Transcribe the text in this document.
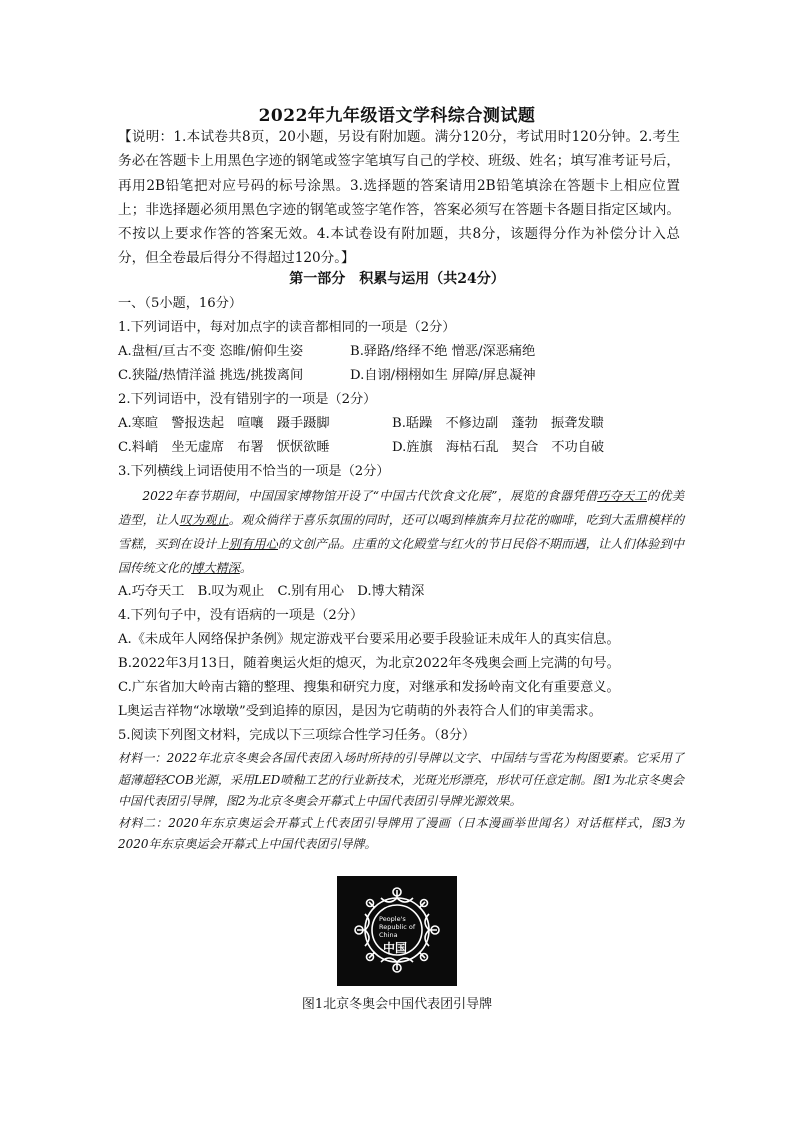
2022年九年级语文学科综合测试题
【说明：1.本试卷共8页，20小题，另设有附加题。满分120分，考试用时120分钟。2.考生务必在答题卡上用黑色字迹的钢笔或签字笔填写自己的学校、班级、姓名；填写准考证号后，再用2B铅笔把对应号码的标号涂黑。3.选择题的答案请用2B铅笔填涂在答题卡上相应位置上；非选择题必须用黑色字迹的钢笔或签字笔作答，答案必须写在答题卡各题目指定区域内。不按以上要求作答的答案无效。4.本试卷设有附加题，共8分，该题得分作为补偿分计入总分，但全卷最后得分不得超过120分。】
第一部分　积累与运用（共24分）
一、（5小题，16分）
1.下列词语中，每对加点字的读音都相同的一项是（2分）
A.盘桓/亘古不变 恣睢/俯仰生姿	B.驿路/络绎不绝 憎恶/深恶痛绝
C.狭隘/热情洋溢 挑选/挑拨离间	D.自诩/栩栩如生 屏障/屏息凝神
2.下列词语中，没有错别字的一项是（2分）
A.寒暄　警报迭起　喧嚷　蹑手蹑脚	B.聒躁　不修边副　蓬勃　振聋发聩
C.料峭　坐无虚席　布署　恹恹欲睡	D.旌旗　海枯石乱　契合　不功自破
3.下列横线上词语使用不恰当的一项是（2分）
2022年春节期间，中国国家博物馆开设了“中国古代饮食文化展”，展览的食器凭借巧夺天工的优美造型，让人叹为观止。观众徜徉于喜乐氛围的同时，还可以喝到棒旗奔月拉花的咖啡，吃到大盂鼎模样的雪糕，买到在设计上别有用心的文创产品。庄重的文化殿堂与红火的节日民俗不期而遇，让人们体验到中国传统文化的博大精深。
A.巧夺天工　B.叹为观止　C.别有用心　D.博大精深
4.下列句子中，没有语病的一项是（2分）
A.《未成年人网络保护条例》规定游戏平台要采用必要手段验证未成年人的真实信息。
B.2022年3月13日，随着奥运火炬的熄灭，为北京2022年冬残奥会画上完满的句号。
C.广东省加大岭南古籍的整理、搜集和研究力度，对继承和发扬岭南文化有重要意义。
L奥运吉祥物“冰墩墩”受到追捧的原因，是因为它萌萌的外表符合人们的审美需求。
5.阅读下列图文材料，完成以下三项综合性学习任务。（8分）
材料一：2022年北京冬奥会各国代表团入场时所持的引导牌以文字、中国结与雪花为构图要素。它采用了超薄超轻COB光源，采用LED喷釉工艺的行业新技术，光斑光形漂亮，形状可任意定制。图1为北京冬奥会中国代表团引导牌，图2为北京冬奥会开幕式上中国代表团引导牌光源效果。
材料二：2020年东京奥运会开幕式上代表团引导牌用了漫画（日本漫画举世闻名）对话框样式，图3为2020年东京奥运会开幕式上中国代表团引导牌。
People's
Republic of
China
中国
图1北京冬奥会中国代表团引导牌
